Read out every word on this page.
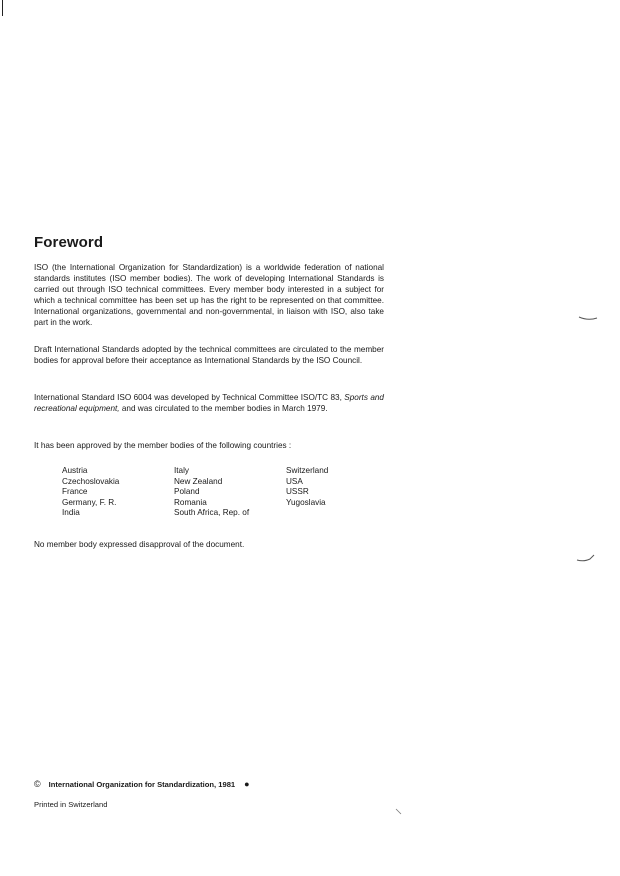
Foreword

ISO (the International Organization for Standardization) is a worldwide federation of national standards institutes (ISO member bodies). The work of developing International Standards is carried out through ISO technical committees. Every member body interested in a subject for which a technical committee has been set up has the right to be represented on that committee. International organizations, governmental and non-governmental, in liaison with ISO, also take part in the work.

Draft International Standards adopted by the technical committees are circulated to the member bodies for approval before their acceptance as International Standards by the ISO Council.

International Standard ISO 6004 was developed by Technical Committee ISO/TC 83, Sports and recreational equipment, and was circulated to the member bodies in March 1979.

It has been approved by the member bodies of the following countries :

Austria
Czechoslovakia
France
Germany, F. R.
India
Italy
New Zealand
Poland
Romania
South Africa, Rep. of
Switzerland
USA
USSR
Yugoslavia

No member body expressed disapproval of the document.

© International Organization for Standardization, 1981 ●
Printed in Switzerland
